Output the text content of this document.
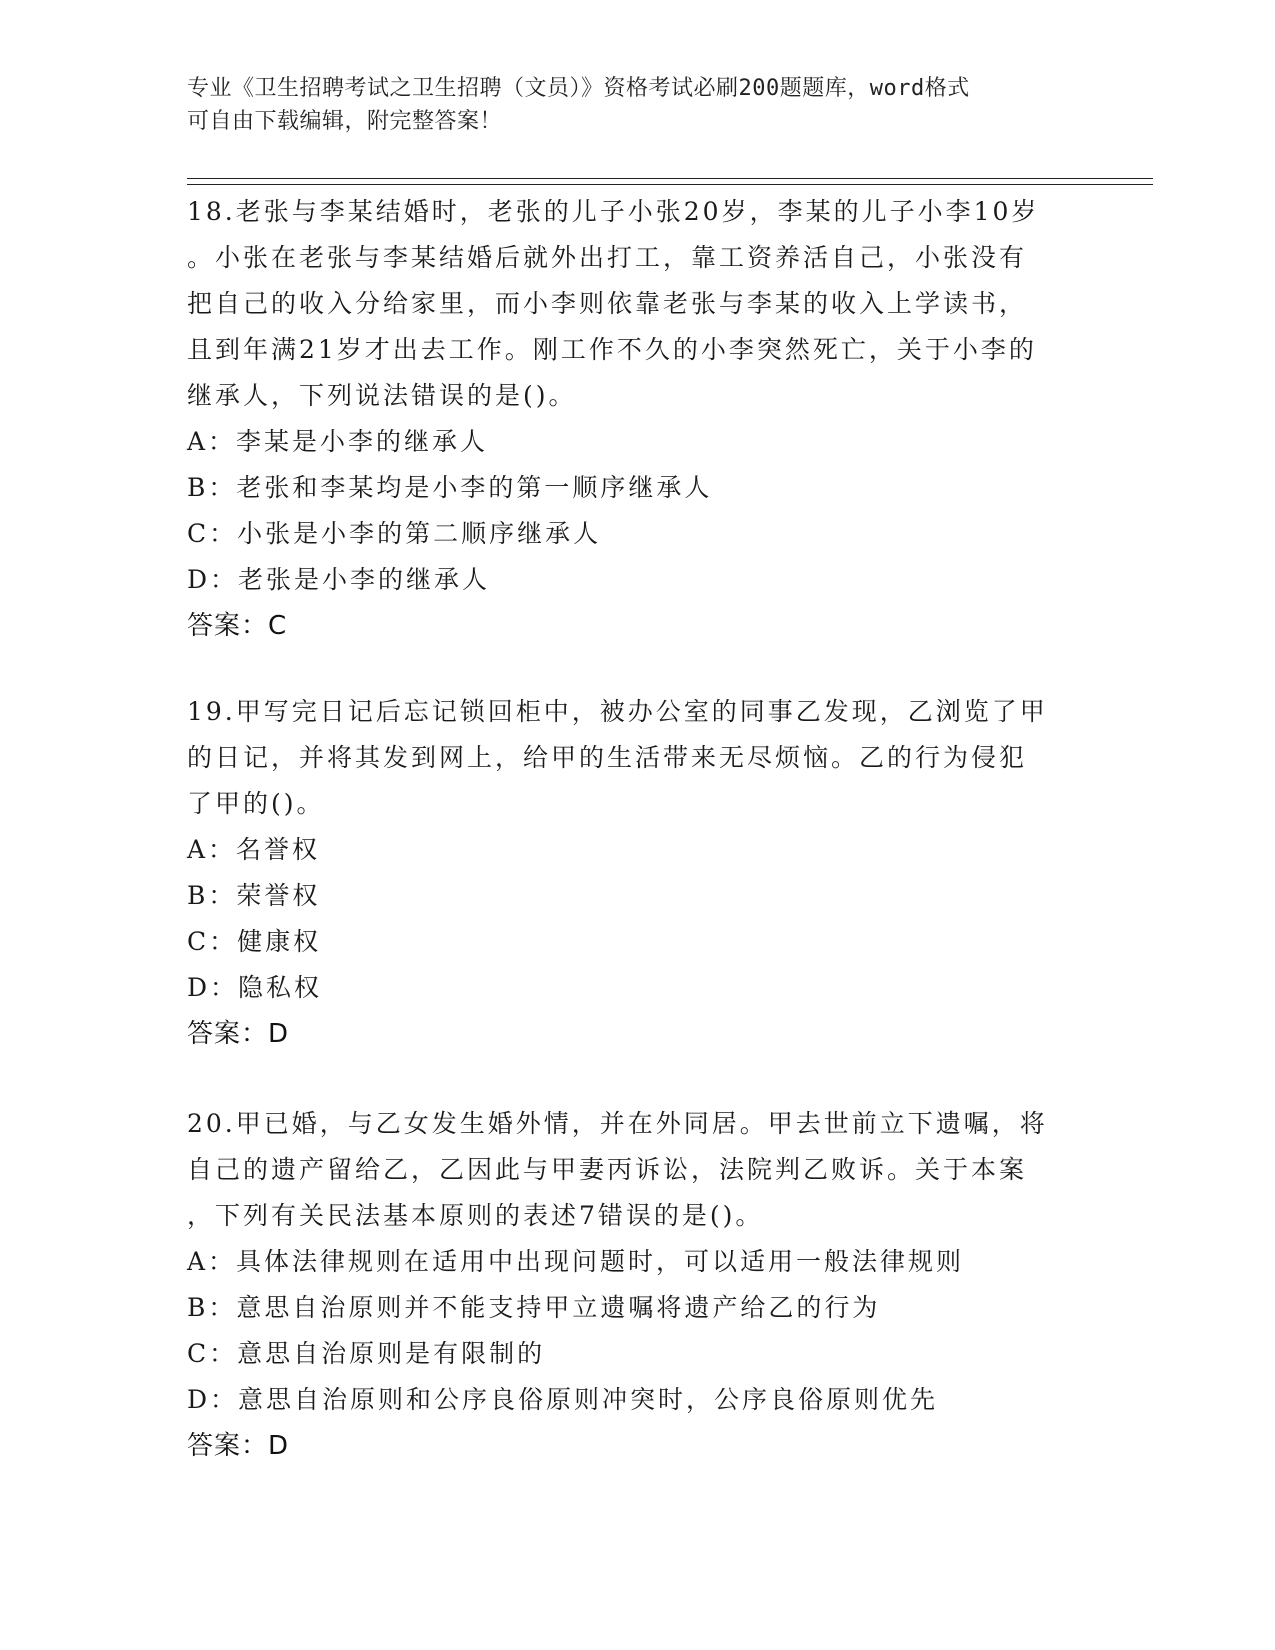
专业《卫生招聘考试之卫生招聘（文员）》资格考试必刷200题题库，word格式
可自由下载编辑，附完整答案！

18.老张与李某结婚时，老张的儿子小张20岁，李某的儿子小李10岁

。小张在老张与李某结婚后就外出打工，靠工资养活自己，小张没有

把自己的收入分给家里，而小李则依靠老张与李某的收入上学读书，

且到年满21岁才出去工作。刚工作不久的小李突然死亡，关于小李的

继承人，下列说法错误的是()。

A：李某是小李的继承人

B：老张和李某均是小李的第一顺序继承人

C：小张是小李的第二顺序继承人

D：老张是小李的继承人

答案：C

19.甲写完日记后忘记锁回柜中，被办公室的同事乙发现，乙浏览了甲

的日记，并将其发到网上，给甲的生活带来无尽烦恼。乙的行为侵犯

了甲的()。

A：名誉权

B：荣誉权

C：健康权

D：隐私权

答案：D

20.甲已婚，与乙女发生婚外情，并在外同居。甲去世前立下遗嘱，将

自己的遗产留给乙，乙因此与甲妻丙诉讼，法院判乙败诉。关于本案

，下列有关民法基本原则的表述7错误的是()。

A：具体法律规则在适用中出现问题时，可以适用一般法律规则

B：意思自治原则并不能支持甲立遗嘱将遗产给乙的行为

C：意思自治原则是有限制的

D：意思自治原则和公序良俗原则冲突时，公序良俗原则优先

答案：D
